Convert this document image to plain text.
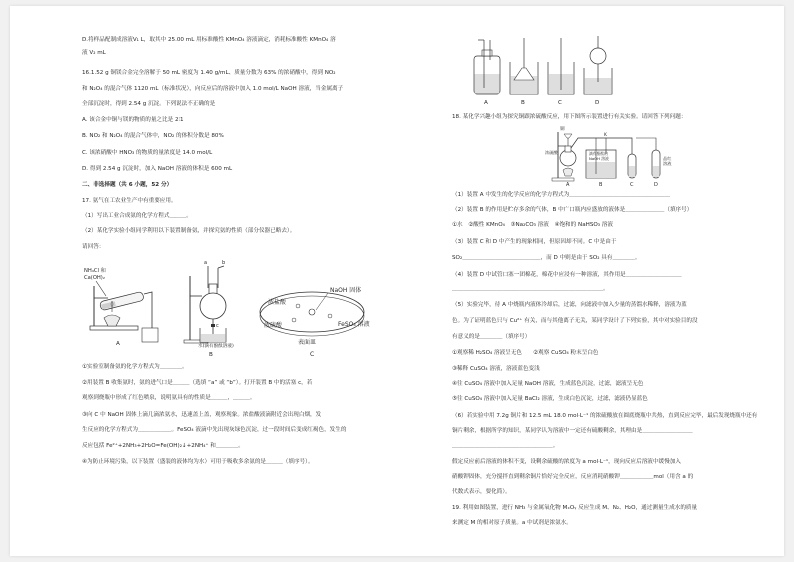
D.将样品配制成溶液V₁ L，取其中 25.00 mL 用标准酸性 KMnO₄ 溶液滴定，消耗标准酸性 KMnO₄ 溶
液 V₂ mL
16.1.52 g 铜镁合金完全溶解于 50 mL 密度为 1.40 g/mL、质量分数为 63% 的浓硝酸中，得到 NO₂
和 N₂O₄ 的混合气体 1120 mL（标准状况），向反应后的溶液中加入 1.0 mol/L NaOH 溶液，当金属离子
全部沉淀时，得到 2.54 g 沉淀。下列说法不正确的是
A. 该合金中铜与镁的物质的量之比是 2∶1
B. NO₂ 和 N₂O₄ 的混合气体中，NO₂ 的体积分数是 80%
C. 该浓硝酸中 HNO₃ 的物质的量浓度是 14.0 mol/L
D. 得到 2.54 g 沉淀时，加入 NaOH 溶液的体积是 600 mL
二、非选择题（共 6 小题，52 分）
17. 氨气在工农业生产中有重要应用。
（1）写出工业合成氨的化学方程式＿＿＿。
（2）某化学实验小组同学利用以下装置制备氨，并探究氨的性质（部分仪器已略去）。
请回答：
NH₄Cl 和
Ca(OH)₂
A
a	b
c
水(滴有酚酞溶液)
B
浓盐酸
NaOH 固体
浓硫酸	FeSO₄ 溶液
表面皿
C
①实验室制备氨的化学方程式为＿＿＿＿。
②用装置 B 收集氨时，氨的进气口是＿＿＿（选填 “a” 或 “b”）。打开装置 B 中的活塞 c，若
观察到烧瓶中形成了红色喷泉，说明氨具有的性质是＿＿＿，＿＿＿。
③向 C 中 NaOH 固体上滴几滴浓氨水，迅速盖上盖，观察现象。浓盐酸液滴附近会出现白烟，发
生反应的化学方程式为＿＿＿＿＿＿。FeSO₄ 液滴中先出现灰绿色沉淀，过一段时间后变成红褐色，发生的
反应包括 Fe²⁺+2NH₃+2H₂O=Fe(OH)₂↓+2NH₄⁺ 和＿＿＿＿。
④为防止环境污染，以下装置（盛装的液体均为水）可用于吸收多余氨的是＿＿＿（填序号）。
A	B	C	D
18. 某化学兴趣小组为探究铜跟浓硫酸反应，用下图所示装置进行有关实验。请回答下列问题：
铜
浓硫酸
A
K
滴有酚酞的
NaOH 溶液
B	C
品红
溶液
D
（1）装置 A 中发生的化学反应的化学方程式为＿＿＿＿＿＿＿＿＿＿＿＿＿＿＿＿＿＿
（2）装置 B 的作用是贮存多余的气体，B 中广口瓶内应盛放的液体是＿＿＿＿＿＿＿（填序号）
①水　②酸性 KMnO₄　③Na₂CO₃ 溶液　④饱和的 NaHSO₃ 溶液
（3）装置 C 和 D 中产生的现象相同，但原因却不同。C 中是由于
SO₂＿＿＿＿＿＿＿＿＿＿＿＿＿＿，而 D 中则是由于 SO₂ 具有＿＿＿＿。
（4）装置 D 中试管口塞一团棉花，棉花中应浸有一种溶液，其作用是＿＿＿＿＿＿＿＿＿＿
＿＿＿＿＿＿＿＿＿＿＿＿＿＿＿＿＿＿＿＿＿＿＿＿＿＿＿。
（5）实验完毕，待 A 中烧瓶内液体冷却后，过滤，向滤液中加入少量的蒸馏水稀释，溶液为蓝
色。为了证明蓝色只与 Cu²⁺ 有关，而与其他离子无关，某同学设计了下列实验，其中对实验目的没
有意义的是＿＿＿＿（填序号）
①观察稀 H₂SO₄ 溶液呈无色　　②观察 CuSO₄ 粉末呈白色
③稀释 CuSO₄ 溶液，溶液蓝色变浅
④往 CuSO₄ 溶液中加入足量 NaOH 溶液，生成蓝色沉淀，过滤，滤液呈无色
⑤往 CuSO₄ 溶液中加入足量 BaCl₂ 溶液，生成白色沉淀，过滤，滤液仍显蓝色
（6）若实验中用 7.2g 铜片和 12.5 mL 18.0 mol·L⁻¹ 的浓硫酸放在圆底烧瓶中共热，直到反应完毕，最后发现烧瓶中还有
铜片剩余，根据所学的知识，某同学认为溶液中一定还有硫酸剩余，其理由是＿＿＿＿＿＿＿＿＿
＿＿＿＿＿＿＿＿＿＿＿＿＿＿＿＿＿＿。
假定反应前后溶液的体积不变，设剩余硫酸的浓度为 a mol·L⁻¹，现向反应后溶液中缓慢加入
硝酸钾固体，充分搅拌直到剩余铜片恰好完全反应，反应消耗硝酸钾＿＿＿＿＿＿mol（用含 a 的
代数式表示，要化简）。
19. 利用如图装置，进行 NH₃ 与金属氧化物 MₓOᵧ 反应生成 M、N₂、H₂O，通过测量生成水的质量
来测定 M 的相对原子质量。a 中试剂是浓氨水。
